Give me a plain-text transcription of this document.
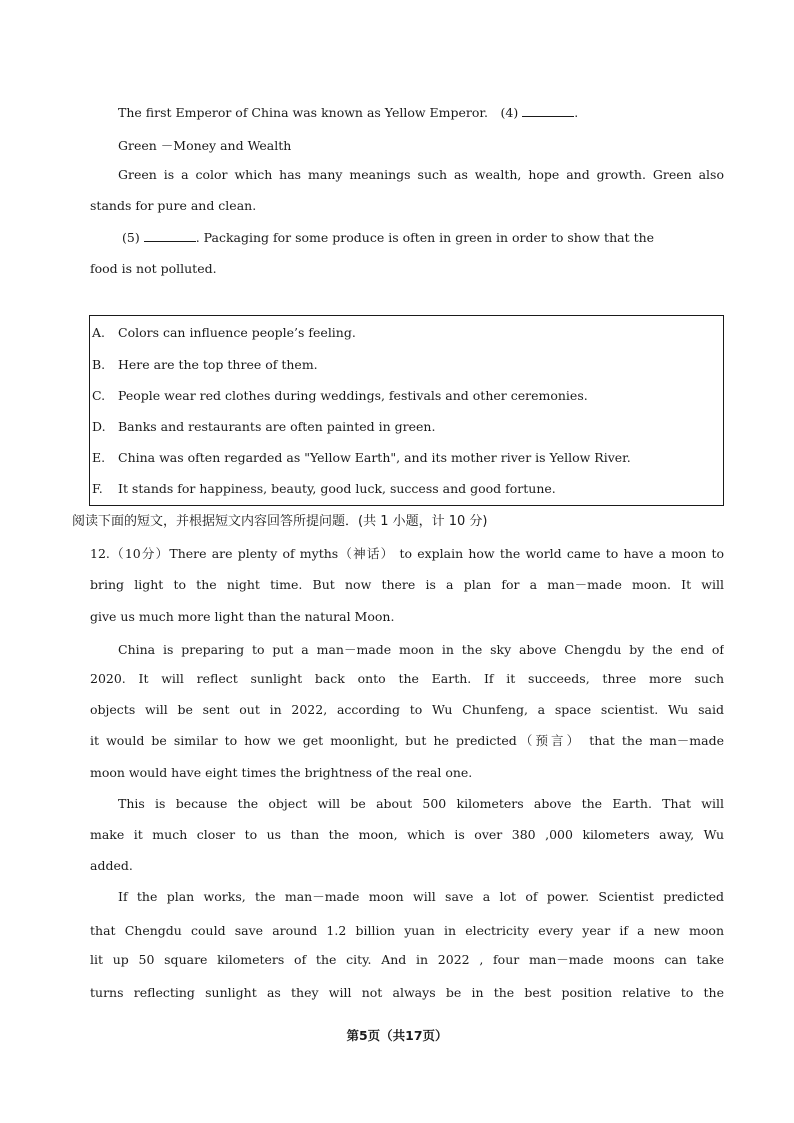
The first Emperor of China was known as Yellow Emperor.　(4)	.
Green －Money and Wealth
Green is a color which has many meanings such as wealth, hope and growth. Green also
stands for pure and clean.
(5)	. Packaging for some produce is often in green in order to show that the
food is not polluted.
A. Colors can influence people’s feeling.
B. Here are the top three of them.
C. People wear red clothes during weddings, festivals and other ceremonies.
D. Banks and restaurants are often painted in green.
E. China was often regarded as "Yellow Earth", and its mother river is Yellow River.
F. It stands for happiness, beauty, good luck, success and good fortune.
阅读下面的短文，并根据短文内容回答所提问题．(共 1 小题，计 10 分)
12.（10分）There are plenty of myths（神话） to explain how the world came to have a moon to
bring light to the night time. But now there is a plan for a man－made moon. It will
give us much more light than the natural Moon.
China is preparing to put a man－made moon in the sky above Chengdu by the end of
2020. It will reflect sunlight back onto the Earth. If it succeeds, three more such
objects will be sent out in 2022, according to Wu Chunfeng, a space scientist. Wu said
it would be similar to how we get moonlight, but he predicted（预言） that the man－made
moon would have eight times the brightness of the real one.
This is because the object will be about 500 kilometers above the Earth. That will
make it much closer to us than the moon, which is over 380 ,000 kilometers away, Wu
added.
If the plan works, the man－made moon will save a lot of power. Scientist predicted
that Chengdu could save around 1.2 billion yuan in electricity every year if a new moon
lit up 50 square kilometers of the city. And in 2022 , four man－made moons can take
turns reflecting sunlight as they will not always be in the best position relative to the
第5页（共17页）
